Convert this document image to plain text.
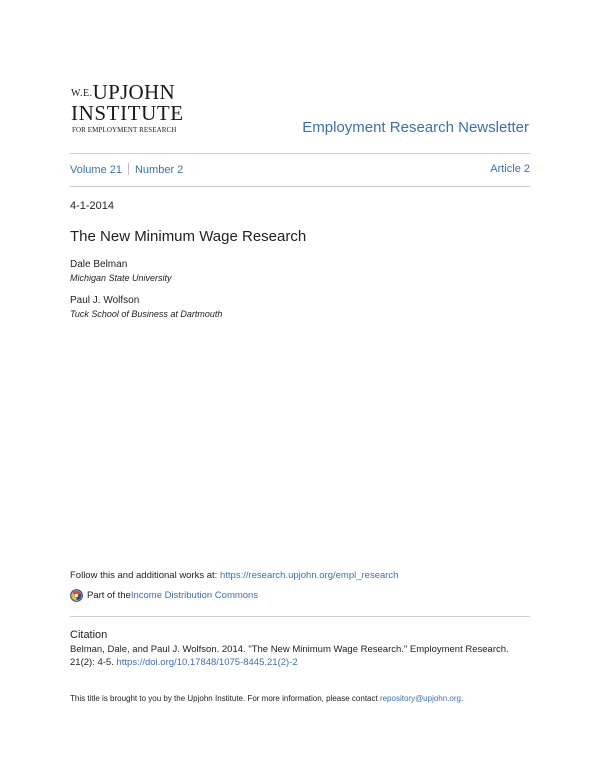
$^{W.E.}$UPJOHN
INSTITUTE
FOR EMPLOYMENT RESEARCH	Employment Research Newsletter
Volume 21 Number 2	Article 2
4-1-2014
The New Minimum Wage Research
Dale Belman
Michigan State University
Paul J. Wolfson
Tuck School of Business at Dartmouth
Follow this and additional works at: https://research.upjohn.org/empl_research
Part of the Income Distribution Commons
Citation
Belman, Dale, and Paul J. Wolfson. 2014. "The New Minimum Wage Research." Employment Research. 21(2): 4-5. https://doi.org/10.17848/1075-8445.21(2)-2
This title is brought to you by the Upjohn Institute. For more information, please contact repository@upjohn.org.
